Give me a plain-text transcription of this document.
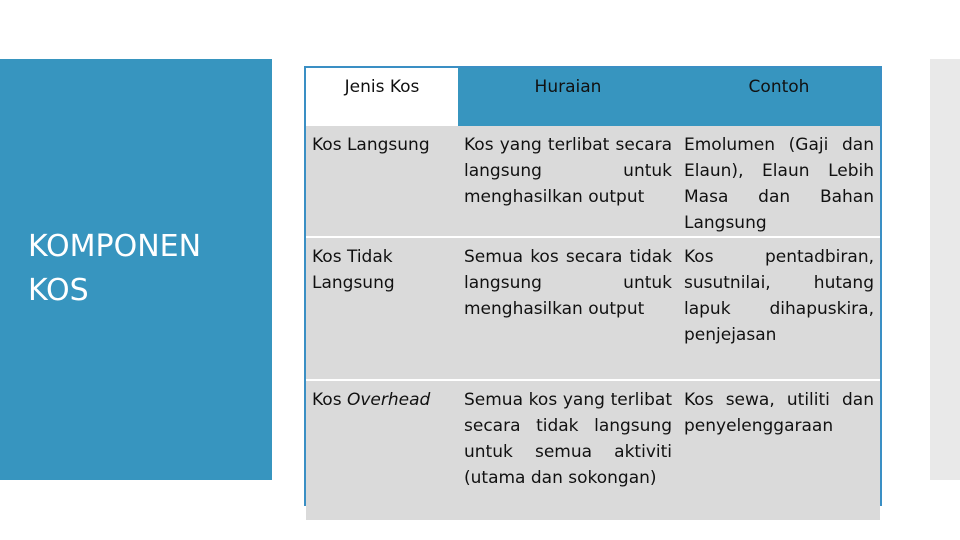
KOMPONEN KOS
Jenis Kos	Huraian	Contoh
Kos Langsung	Kos yang terlibat secara langsung untuk menghasilkan output	Emolumen (Gaji dan Elaun), Elaun Lebih Masa dan Bahan Langsung
Kos Tidak Langsung	Semua kos secara tidak langsung untuk menghasilkan output	Kos pentadbiran, susutnilai, hutang lapuk dihapuskira, penjejasan
Kos Overhead	Semua kos yang terlibat secara tidak langsung untuk semua aktiviti (utama dan sokongan)	Kos sewa, utiliti dan penyelenggaraan
